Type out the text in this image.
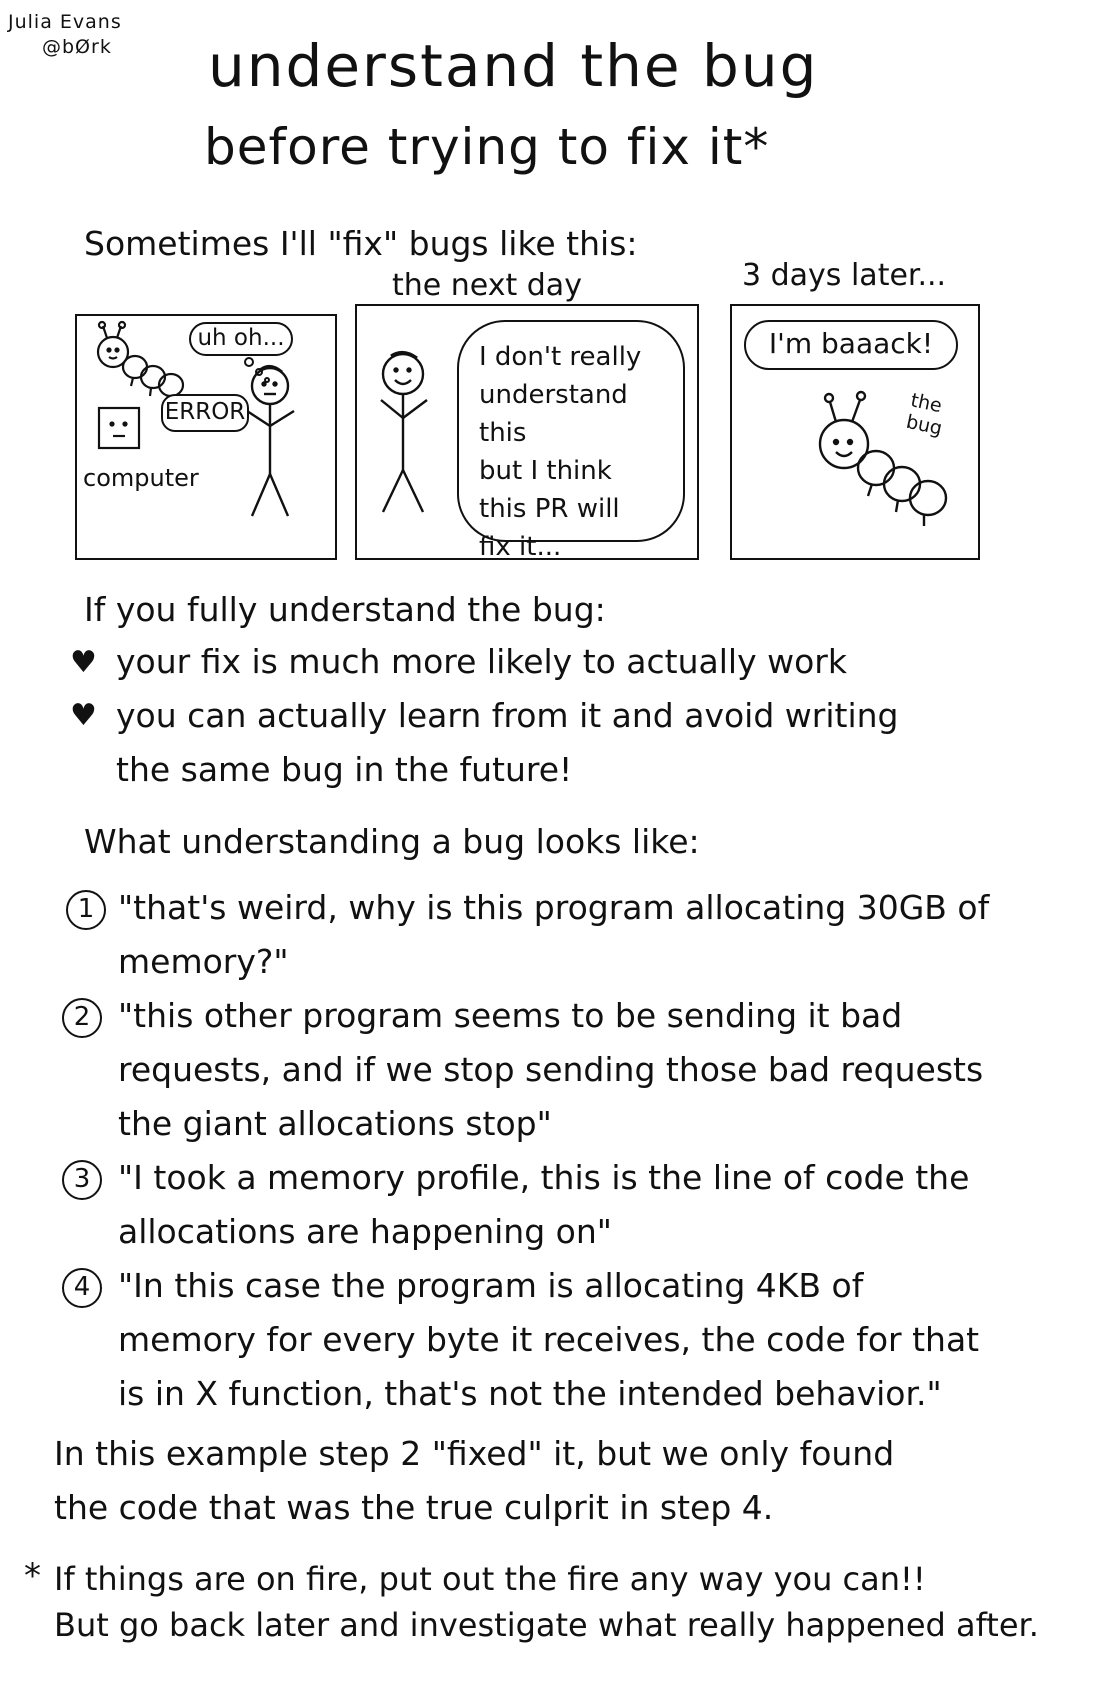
Julia Evans
@bØrk understand the bug
before trying to fix it*
Sometimes I'll "fix" bugs like this:
uh oh...
ERROR
computer
the next day
I don't really
understand this
but I think
this PR will
fix it...
3 days later...
I'm baaack!
the bug
If you fully understand the bug:
♥ your fix is much more likely to actually work
♥ you can actually learn from it and avoid writing
the same bug in the future!
What understanding a bug looks like:
1 "that's weird, why is this program allocating 30GB of
memory?"
2 "this other program seems to be sending it bad
requests, and if we stop sending those bad requests
the giant allocations stop"
3 "I took a memory profile, this is the line of code the
allocations are happening on"
4 "In this case the program is allocating 4KB of
memory for every byte it receives, the code for that
is in X function, that's not the intended behavior."
In this example step 2 "fixed" it, but we only found
the code that was the true culprit in step 4.
* If things are on fire, put out the fire any way you can!!
But go back later and investigate what really happened after.
